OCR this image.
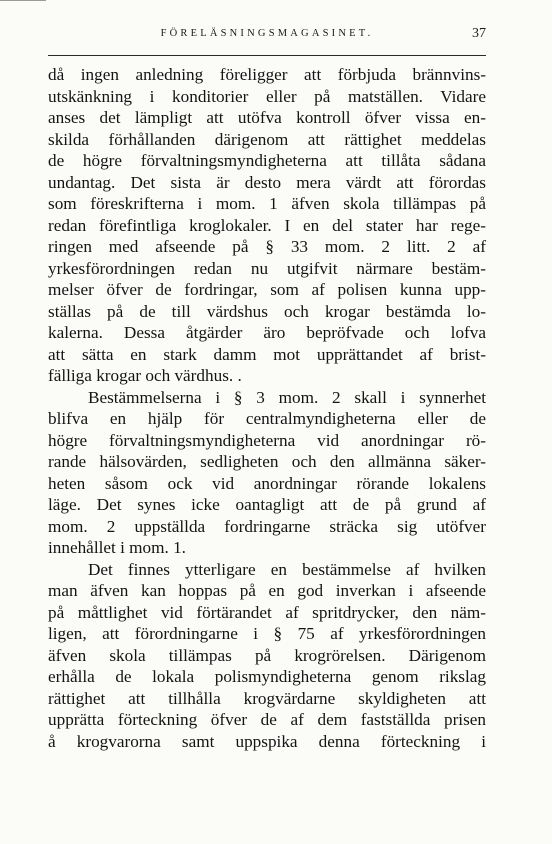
FÖRELÄSNINGSMAGASINET.	37
då ingen anledning föreligger att förbjuda brännvins-
utskänkning i konditorier eller på matställen. Vidare
anses det lämpligt att utöfva kontroll öfver vissa en-
skilda förhållanden därigenom att rättighet meddelas
de högre förvaltningsmyndigheterna att tillåta sådana
undantag. Det sista är desto mera värdt att förordas
som föreskrifterna i mom. 1 äfven skola tillämpas på
redan förefintliga kroglokaler. I en del stater har rege-
ringen med afseende på § 33 mom. 2 litt. 2 af
yrkesförordningen redan nu utgifvit närmare bestäm-
melser öfver de fordringar, som af polisen kunna upp-
ställas på de till värdshus och krogar bestämda lo-
kalerna. Dessa åtgärder äro bepröfvade och lofva
att sätta en stark damm mot upprättandet af brist-
fälliga krogar och värdhus. .
Bestämmelserna i § 3 mom. 2 skall i synnerhet
blifva en hjälp för centralmyndigheterna eller de
högre förvaltningsmyndigheterna vid anordningar rö-
rande hälsovärden, sedligheten och den allmänna säker-
heten såsom ock vid anordningar rörande lokalens
läge. Det synes icke oantagligt att de på grund af
mom. 2 uppställda fordringarne sträcka sig utöfver
innehållet i mom. 1.
Det finnes ytterligare en bestämmelse af hvilken
man äfven kan hoppas på en god inverkan i afseende
på måttlighet vid förtärandet af spritdrycker, den näm-
ligen, att förordningarne i § 75 af yrkesförordningen
äfven skola tillämpas på krogrörelsen. Därigenom
erhålla de lokala polismyndigheterna genom rikslag
rättighet att tillhålla krogvärdarne skyldigheten att
upprätta förteckning öfver de af dem fastställda prisen
å krogvarorna samt uppspika denna förteckning i
